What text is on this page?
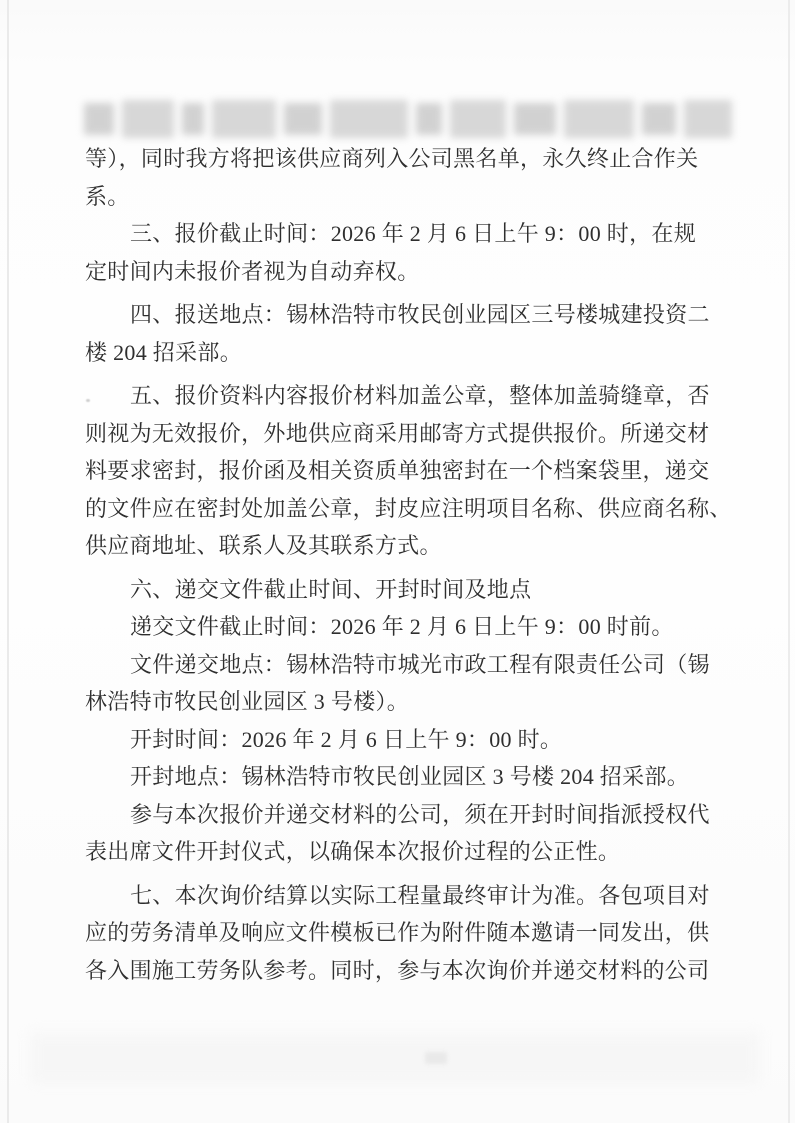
等），同时我方将把该供应商列入公司黑名单，永久终止合作关
系。
三、报价截止时间：2026 年 2 月 6 日上午 9：00 时，在规
定时间内未报价者视为自动弃权。
四、报送地点：锡林浩特市牧民创业园区三号楼城建投资二
楼 204 招采部。
五、报价资料内容报价材料加盖公章，整体加盖骑缝章，否
则视为无效报价，外地供应商采用邮寄方式提供报价。所递交材
料要求密封，报价函及相关资质单独密封在一个档案袋里，递交
的文件应在密封处加盖公章，封皮应注明项目名称、供应商名称、
供应商地址、联系人及其联系方式。
六、递交文件截止时间、开封时间及地点
递交文件截止时间：2026 年 2 月 6 日上午 9：00 时前。
文件递交地点：锡林浩特市城光市政工程有限责任公司（锡
林浩特市牧民创业园区 3 号楼）。
开封时间：2026 年 2 月 6 日上午 9：00 时。
开封地点：锡林浩特市牧民创业园区 3 号楼 204 招采部。
参与本次报价并递交材料的公司，须在开封时间指派授权代
表出席文件开封仪式，以确保本次报价过程的公正性。
七、本次询价结算以实际工程量最终审计为准。各包项目对
应的劳务清单及响应文件模板已作为附件随本邀请一同发出，供
各入围施工劳务队参考。同时，参与本次询价并递交材料的公司
